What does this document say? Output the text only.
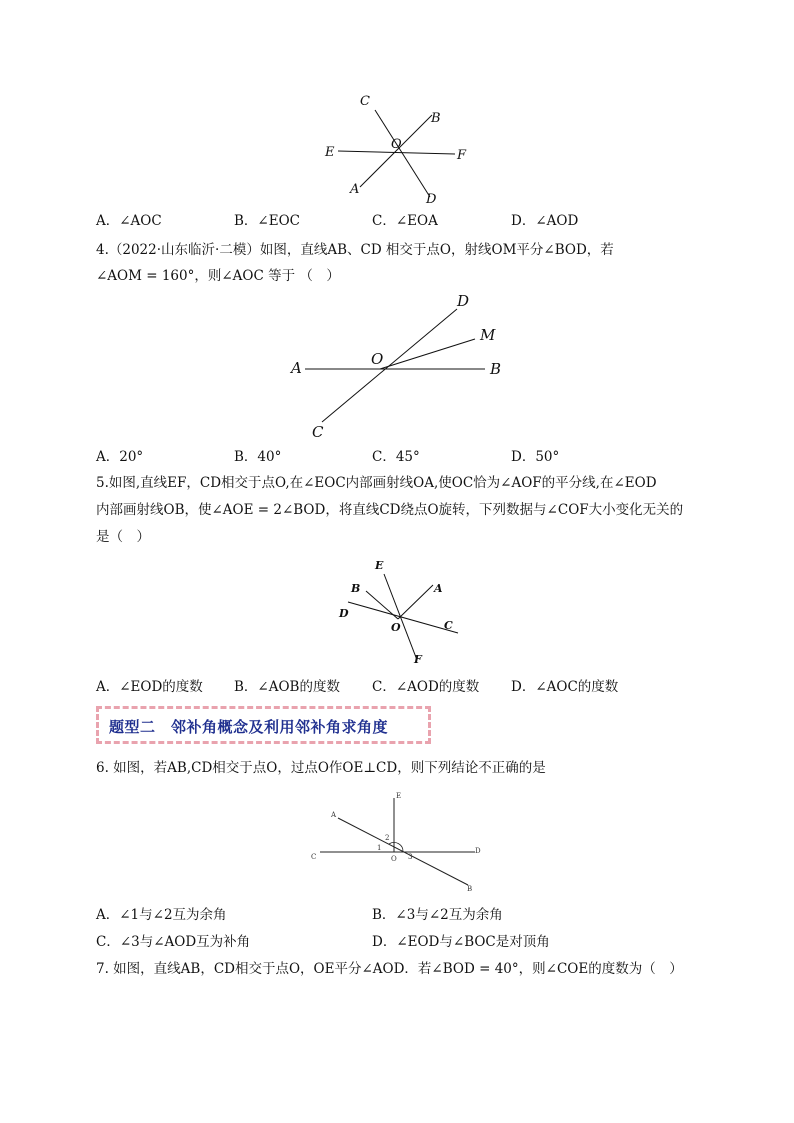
C
B
O
E	F
A
D
A．∠AOC	B．∠EOC	C．∠EOA	D．∠AOD
4.（2022·山东临沂·二模）如图，直线AB、CD 相交于点O，射线OM平分∠BOD，若
∠AOM = 160°，则∠AOC 等于 （　）
D
M
O
A	B
C
A．20°	B．40°	C．45°	D．50°
5.如图,直线EF，CD相交于点O,在∠EOC内部画射线OA,使OC恰为∠AOF的平分线,在∠EOD
内部画射线OB，使∠AOE = 2∠BOD，将直线CD绕点O旋转，下列数据与∠COF大小变化无关的
是（　）
E
A
B
D
O	C
F
A．∠EOD的度数 B．∠AOB的度数 C．∠AOD的度数 D．∠AOC的度数
题型二　邻补角概念及利用邻补角求角度
6. 如图，若AB,CD相交于点O，过点O作OE⊥CD，则下列结论不正确的是
A
E
2
1
3
C	O
D
B
A．∠1与∠2互为余角	B．∠3与∠2互为余角
C．∠3与∠AOD互为补角	D．∠EOD与∠BOC是对顶角
7. 如图，直线AB，CD相交于点O，OE平分∠AOD．若∠BOD = 40°，则∠COE的度数为（　）
